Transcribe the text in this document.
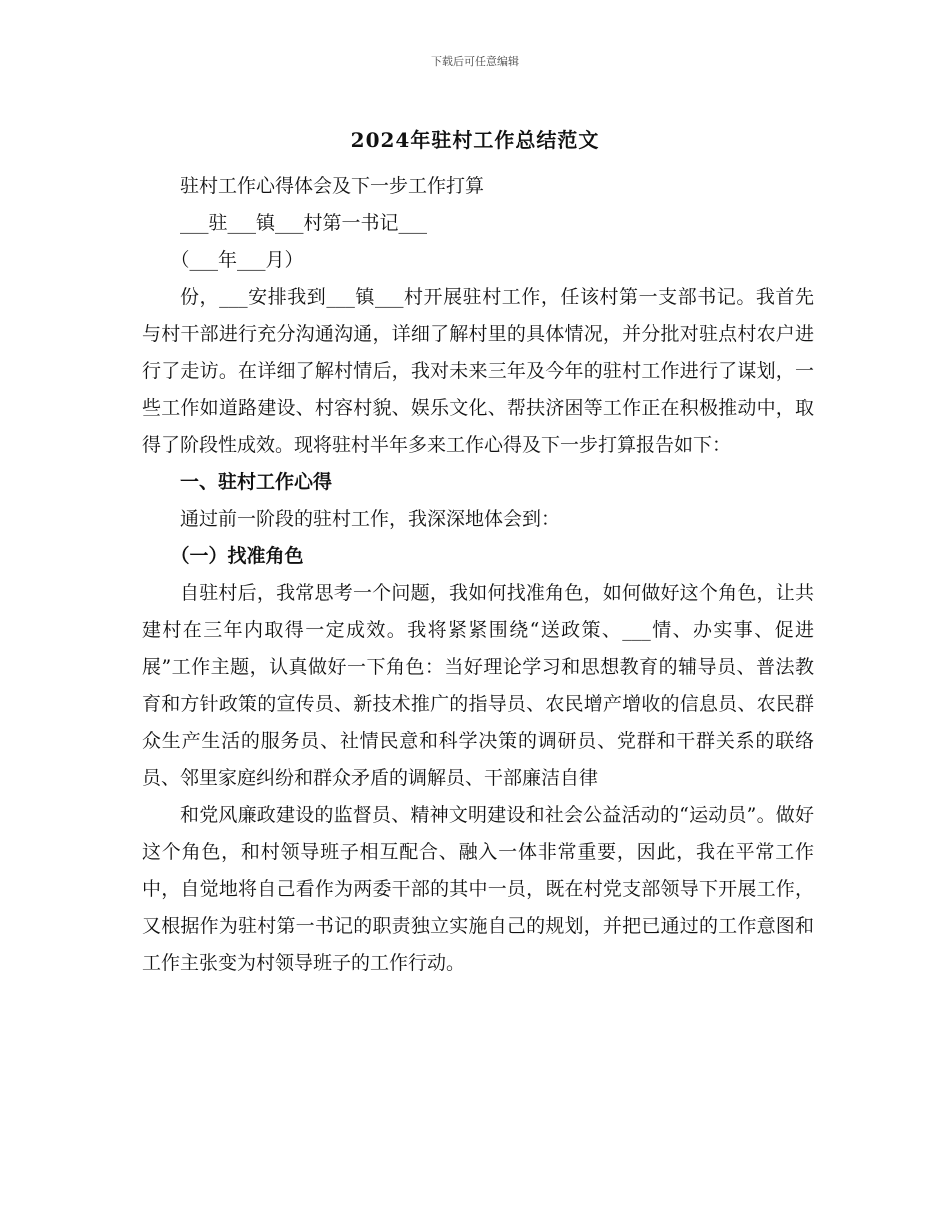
下载后可任意编辑
2024年驻村工作总结范文

驻村工作心得体会及下一步工作打算

___驻___镇___村第一书记___

（___年___月）

份，___安排我到___镇___村开展驻村工作，任该村第一支部书记。我首先与村干部进行充分沟通沟通，详细了解村里的具体情况，并分批对驻点村农户进行了走访。在详细了解村情后，我对未来三年及今年的驻村工作进行了谋划，一些工作如道路建设、村容村貌、娱乐文化、帮扶济困等工作正在积极推动中，取得了阶段性成效。现将驻村半年多来工作心得及下一步打算报告如下：

一、驻村工作心得

通过前一阶段的驻村工作，我深深地体会到：

（一）找准角色

自驻村后，我常思考一个问题，我如何找准角色，如何做好这个角色，让共建村在三年内取得一定成效。我将紧紧围绕“送政策、___情、办实事、促进展”工作主题，认真做好一下角色：当好理论学习和思想教育的辅导员、普法教育和方针政策的宣传员、新技术推广的指导员、农民增产增收的信息员、农民群众生产生活的服务员、社情民意和科学决策的调研员、党群和干群关系的联络员、邻里家庭纠纷和群众矛盾的调解员、干部廉洁自律

和党风廉政建设的监督员、精神文明建设和社会公益活动的“运动员”。做好这个角色，和村领导班子相互配合、融入一体非常重要，因此，我在平常工作中，自觉地将自己看作为两委干部的其中一员，既在村党支部领导下开展工作，又根据作为驻村第一书记的职责独立实施自己的规划，并把已通过的工作意图和工作主张变为村领导班子的工作行动。
